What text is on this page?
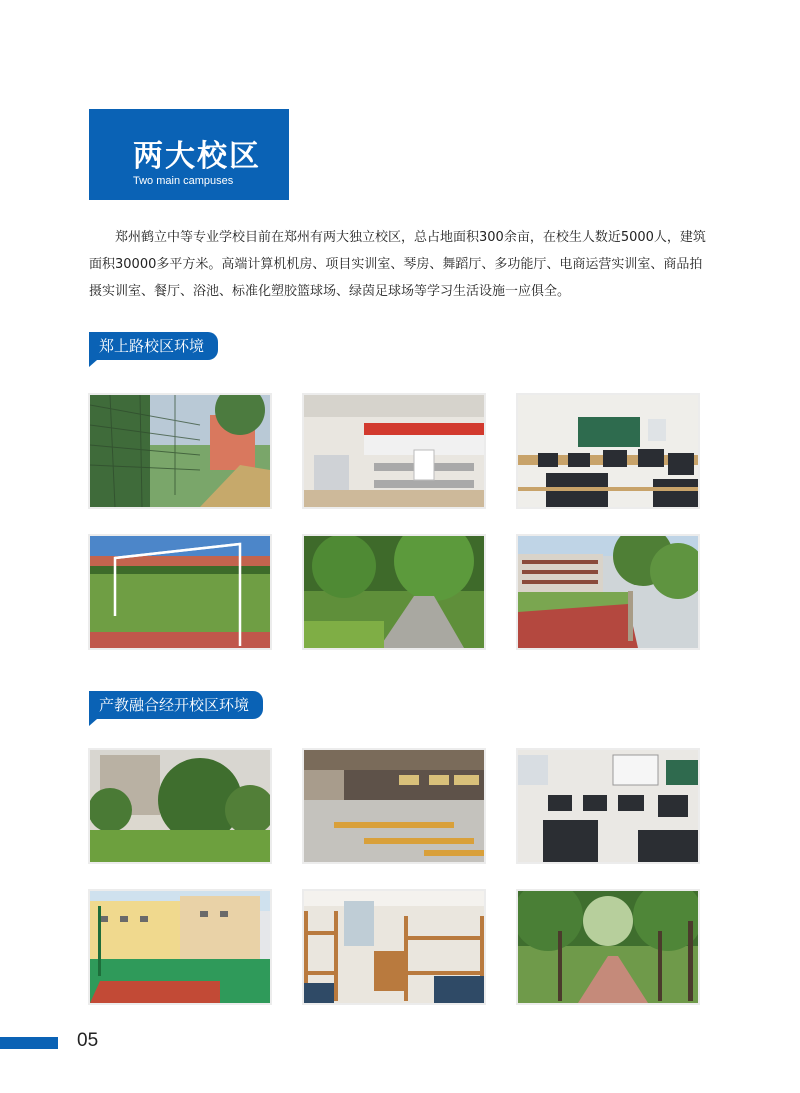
两大校区
Two main campuses
郑州鹤立中等专业学校目前在郑州有两大独立校区，总占地面积300余亩，在校生人数近5000人，建筑面积30000多平方米。高端计算机机房、项目实训室、琴房、舞蹈厅、多功能厅、电商运营实训室、商品拍摄实训室、餐厅、浴池、标准化塑胶篮球场、绿茵足球场等学习生活设施一应俱全。
郑上路校区环境
产教融合经开校区环境
05
